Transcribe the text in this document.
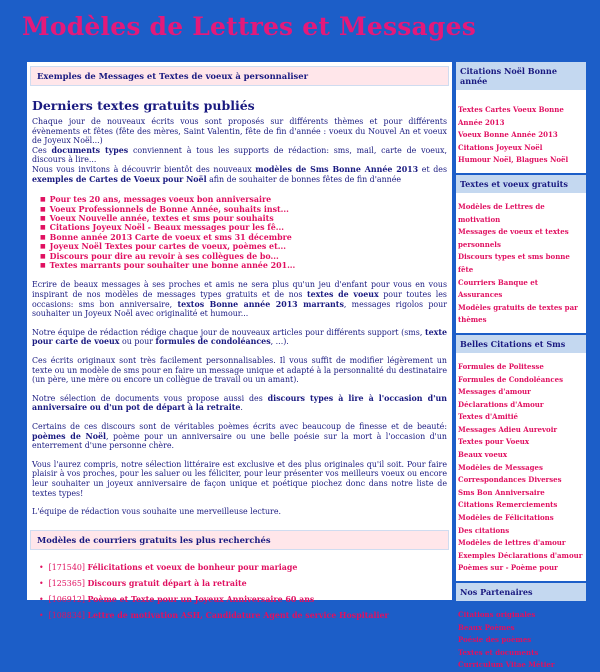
Modèles de Lettres et Messages
Exemples de Messages et Textes de voeux à personnaliser
Derniers textes gratuits publiés

Chaque jour de nouveaux écrits vous sont proposés sur différents thèmes et pour différents évènements et fêtes (fête des mères, Saint Valentin, fête de fin d'année : voeux du Nouvel An et voeux de Joyeux Noël...)
Ces documents types conviennent à tous les supports de rédaction: sms, mail, carte de voeux, discours à lire...
Nous vous invitons à découvrir bientôt des nouveaux modèles de Sms Bonne Année 2013 et des exemples de Cartes de Voeux pour Noël afin de souhaiter de bonnes fêtes de fin d'année

■ Pour tes 20 ans, messages voeux bon anniversaire
■ Voeux Professionnels de Bonne Année, souhaits inst...
■ Voeux Nouvelle année, textes et sms pour souhaits
■ Citations Joyeux Noël - Beaux messages pour les fê...
■ Bonne année 2013 Carte de voeux et sms 31 décembre
■ Joyeux Noël Textes pour cartes de voeux, poèmes et...
■ Discours pour dire au revoir à ses collègues de bo...
■ Textes marrants pour souhaiter une bonne année 201...

Ecrire de beaux messages à ses proches et amis ne sera plus qu'un jeu d'enfant pour vous en vous inspirant de nos modèles de messages types gratuits et de nos textes de voeux pour toutes les occasions: sms bon anniversaire, textos Bonne année 2013 marrants, messages rigolos pour souhaiter un Joyeux Noël avec originalité et humour...

Notre équipe de rédaction rédige chaque jour de nouveaux articles pour différents support (sms, texte pour carte de voeux ou pour formules de condoléances, ...).

Ces écrits originaux sont très facilement personnalisables. Il vous suffit de modifier légèrement un texte ou un modèle de sms pour en faire un message unique et adapté à la personnalité du destinataire (un père, une mère ou encore un collègue de travail ou un amant).

Notre sélection de documents vous propose aussi des discours types à lire à l'occasion d'un anniversaire ou d'un pot de départ à la retraite.

Certains de ces discours sont de véritables poèmes écrits avec beaucoup de finesse et de beauté: poèmes de Noël, poème pour un anniversaire ou une belle poésie sur la mort à l'occasion d'un enterrement d'une personne chère.

Vous l'aurez compris, notre sélection littéraire est exclusive et des plus originales qu'il soit. Pour faire plaisir à vos proches, pour les saluer ou les féliciter, pour leur présenter vos meilleurs voeux ou encore leur souhaiter un joyeux anniversaire de façon unique et poétique piochez donc dans notre liste de textes types!

L'équipe de rédaction vous souhaite une merveilleuse lecture.

Modèles de courriers gratuits les plus recherchés
• [171540] Félicitations et voeux de bonheur pour mariage
• [125365] Discours gratuit départ à la retraite
• [106912] Poème et Texte pour un Joyeux Anniversaire 60 ans
• [108834] Lettre de motivation ASH, Candidature Agent de service Hospitalier
Citations Noël Bonne année
Textes Cartes Voeux Bonne Année 2013
Voeux Bonne Année 2013
Citations Joyeux Noël
Humour Noël, Blagues Noël
Textes et voeux gratuits
Modèles de Lettres de motivation
Messages de voeux et textes personnels
Discours types et sms bonne fête
Courriers Banque et Assurances
Modèles gratuits de textes par thèmes
Belles Citations et Sms
Formules de Politesse
Formules de Condoléances
Messages d'amour
Déclarations d'Amour
Textes d'Amitié
Messages Adieu Aurevoir
Textes pour Voeux
Beaux voeux
Modèles de Messages
Correspondances Diverses
Sms Bon Anniversaire
Citations Remerciements
Modèles de Félicitations
Des citations
Modèles de lettres d'amour
Exemples Déclarations d'amour
Poèmes sur - Poème pour
Nos Partenaires
Citations originales
Beaux Poèmes
Poésie des poèmes
Textes et documents
Curriculum Vitae Métier
